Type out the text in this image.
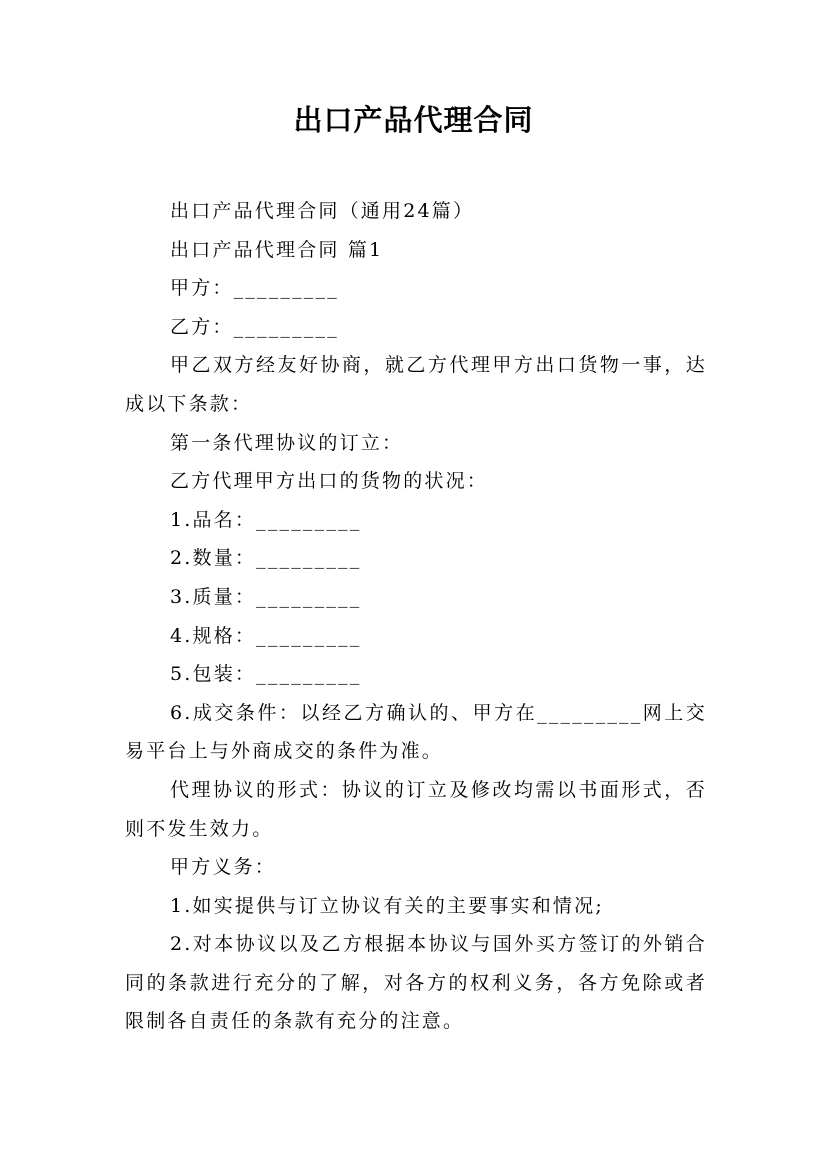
出口产品代理合同

出口产品代理合同（通用24篇）

出口产品代理合同 篇1

甲方：_________

乙方：_________

甲乙双方经友好协商，就乙方代理甲方出口货物一事，达成以下条款：

第一条代理协议的订立：

乙方代理甲方出口的货物的状况：

1.品名：_________

2.数量：_________

3.质量：_________

4.规格：_________

5.包装：_________

6.成交条件：以经乙方确认的、甲方在_________网上交易平台上与外商成交的条件为准。

代理协议的形式：协议的订立及修改均需以书面形式，否则不发生效力。

甲方义务：

1.如实提供与订立协议有关的主要事实和情况;

2.对本协议以及乙方根据本协议与国外买方签订的外销合同的条款进行充分的了解，对各方的权利义务，各方免除或者限制各自责任的条款有充分的注意。
